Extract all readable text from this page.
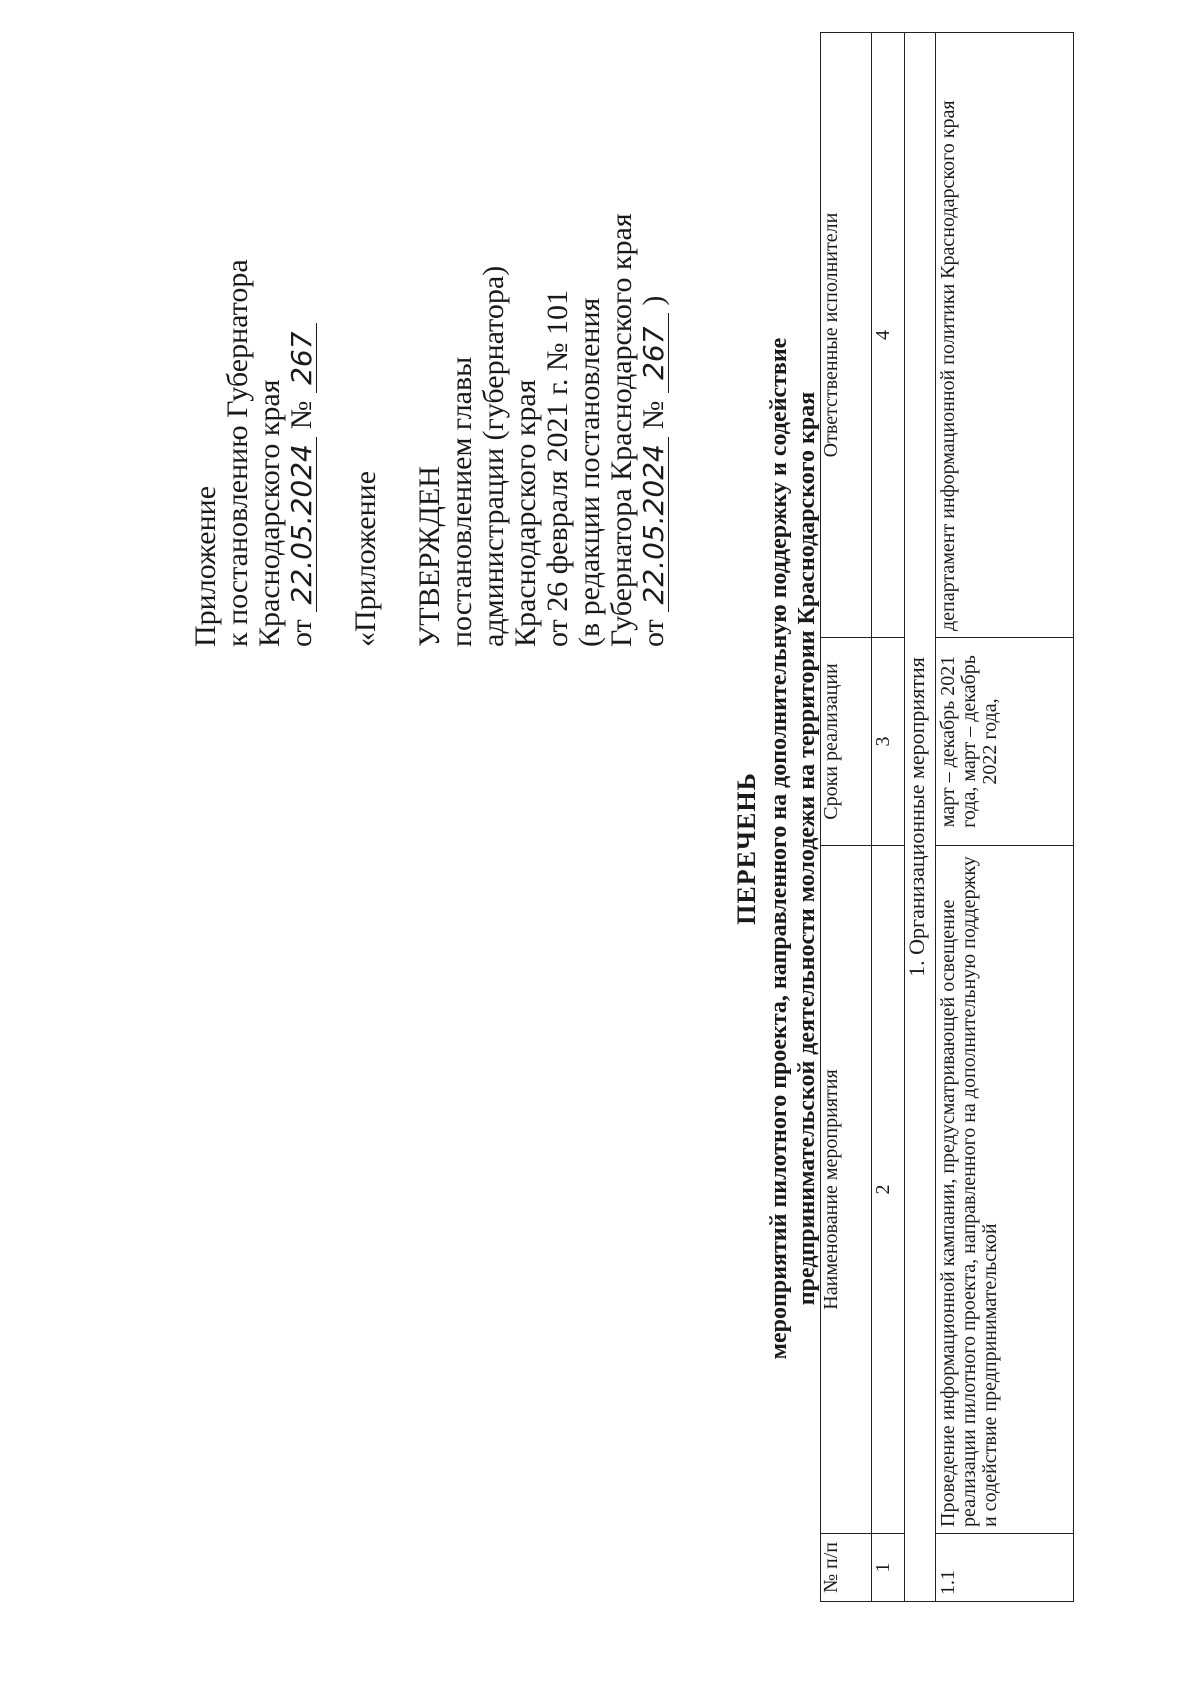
Приложение к постановлению Губернатора Краснодарского края от 22.05.2024 № 267
«Приложение УТВЕРЖДЕН постановлением главы администрации (губернатора) Краснодарского края от 26 февраля 2021 г. № 101 (в редакции постановления Губернатора Краснодарского края от 22.05.2024 № 267 )
ПЕРЕЧЕНЬ мероприятий пилотного проекта, направленного на дополнительную поддержку и содействие предпринимательской деятельности молодежи на территории Краснодарского края
№ п/п	Наименование мероприятия	Сроки реализации	Ответственные исполнители
1	2	3	4
1. Организационные мероприятия			
1.1	Проведение информационной кампании, предусматривающей освещение реализации пилотного проекта, направленного на дополнительную поддержку и содействие предпринимательской	март – декабрь 2021 года, март – декабрь 2022 года,	департамент информационной политики Краснодарского края
